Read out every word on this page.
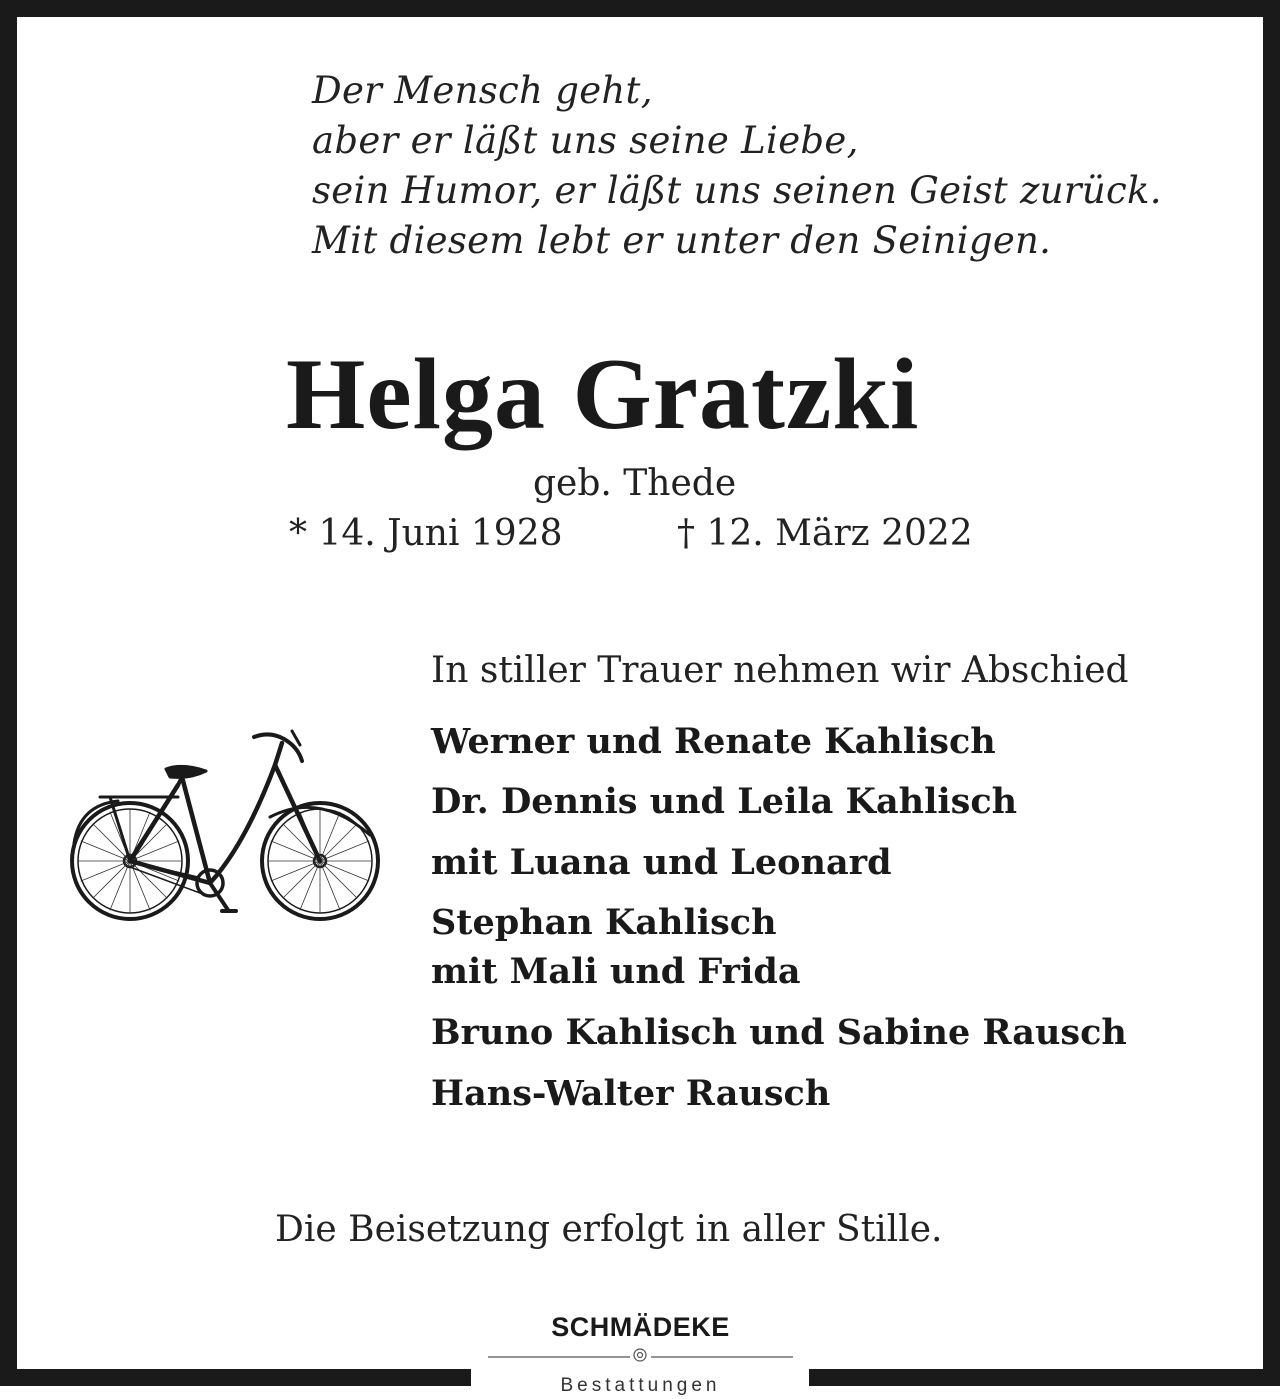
Der Mensch geht,
aber er läßt uns seine Liebe,
sein Humor, er läßt uns seinen Geist zurück.
Mit diesem lebt er unter den Seinigen.
Helga Gratzki
geb. Thede
* 14. Juni 1928	† 12. März 2022
In stiller Trauer nehmen wir Abschied
Werner und Renate Kahlisch
Dr. Dennis und Leila Kahlisch
mit Luana und Leonard
Stephan Kahlisch
mit Mali und Frida
Bruno Kahlisch und Sabine Rausch
Hans-Walter Rausch
Die Beisetzung erfolgt in aller Stille.
SCHMÄDEKE
Bestattungen
